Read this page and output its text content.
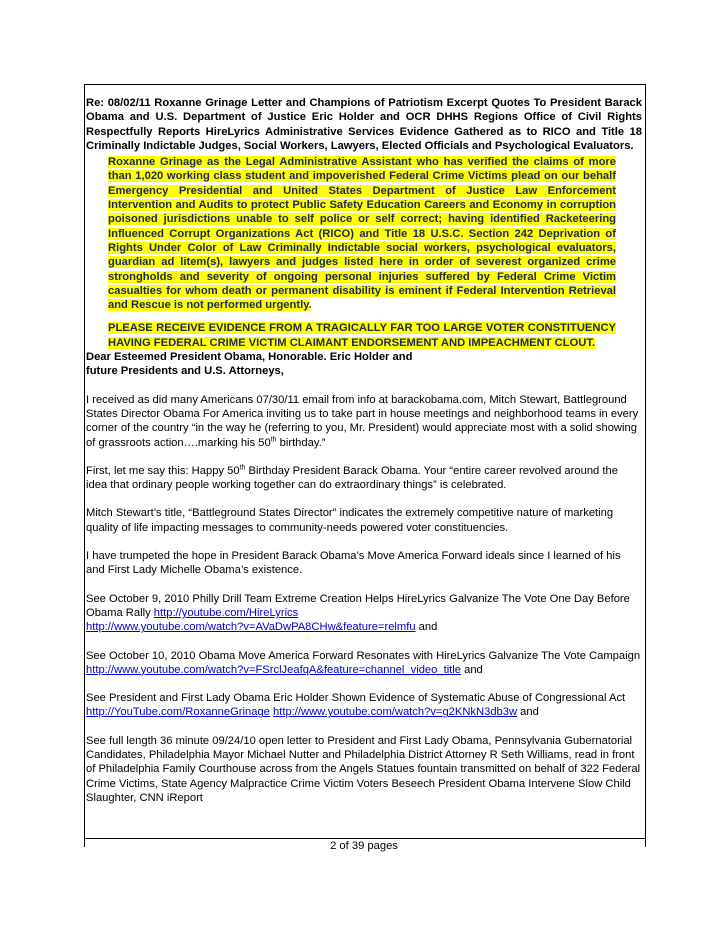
Re: 08/02/11 Roxanne Grinage Letter and Champions of Patriotism Excerpt Quotes To President Barack Obama and U.S. Department of Justice Eric Holder and OCR DHHS Regions Office of Civil Rights Respectfully Reports HireLyrics Administrative Services Evidence Gathered as to RICO and Title 18 Criminally Indictable Judges, Social Workers, Lawyers, Elected Officials and Psychological Evaluators.

Roxanne Grinage as the Legal Administrative Assistant who has verified the claims of more than 1,020 working class student and impoverished Federal Crime Victims plead on our behalf Emergency Presidential and United States Department of Justice Law Enforcement Intervention and Audits to protect Public Safety Education Careers and Economy in corruption poisoned jurisdictions unable to self police or self correct; having identified Racketeering Influenced Corrupt Organizations Act (RICO) and Title 18 U.S.C. Section 242 Deprivation of Rights Under Color of Law Criminally Indictable social workers, psychological evaluators, guardian ad litem(s), lawyers and judges listed here in order of severest organized crime strongholds and severity of ongoing personal injuries suffered by Federal Crime Victim casualties for whom death or permanent disability is eminent if Federal Intervention Retrieval and Rescue is not performed urgently.

PLEASE RECEIVE EVIDENCE FROM A TRAGICALLY FAR TOO LARGE VOTER CONSTITUENCY HAVING FEDERAL CRIME VICTIM CLAIMANT ENDORSEMENT AND IMPEACHMENT CLOUT.

Dear Esteemed President Obama, Honorable. Eric Holder and
future Presidents and U.S. Attorneys,
I received as did many Americans 07/30/11 email from info at barackobama.com, Mitch Stewart, Battleground States Director Obama For America inviting us to take part in house meetings and neighborhood teams in every corner of the country “in the way he (referring to you, Mr. President) would appreciate most with a solid showing of grassroots action….marking his 50th birthday.”
First, let me say this: Happy 50th Birthday President Barack Obama. Your “entire career revolved around the idea that ordinary people working together can do extraordinary things” is celebrated.
Mitch Stewart’s title, “Battleground States Director” indicates the extremely competitive nature of marketing quality of life impacting messages to community-needs powered voter constituencies.
I have trumpeted the hope in President Barack Obama’s Move America Forward ideals since I learned of his and First Lady Michelle Obama’s existence.
See October 9, 2010 Philly Drill Team Extreme Creation Helps HireLyrics Galvanize The Vote One Day Before Obama Rally http://youtube.com/HireLyrics
http://www.youtube.com/watch?v=AVaDwPA8CHw&feature=relmfu and
See October 10, 2010 Obama Move America Forward Resonates with HireLyrics Galvanize The Vote Campaign http://www.youtube.com/watch?v=FSrclJeafqA&feature=channel_video_title and
See President and First Lady Obama Eric Holder Shown Evidence of Systematic Abuse of Congressional Act http://YouTube.com/RoxanneGrinage http://www.youtube.com/watch?v=g2KNkN3db3w and
See full length 36 minute 09/24/10 open letter to President and First Lady Obama, Pennsylvania Gubernatorial Candidates, Philadelphia Mayor Michael Nutter and Philadelphia District Attorney R Seth Williams, read in front of Philadelphia Family Courthouse across from the Angels Statues fountain transmitted on behalf of 322 Federal Crime Victims, State Agency Malpractice Crime Victim Voters Beseech President Obama Intervene Slow Child Slaughter, CNN iReport
2 of 39 pages
